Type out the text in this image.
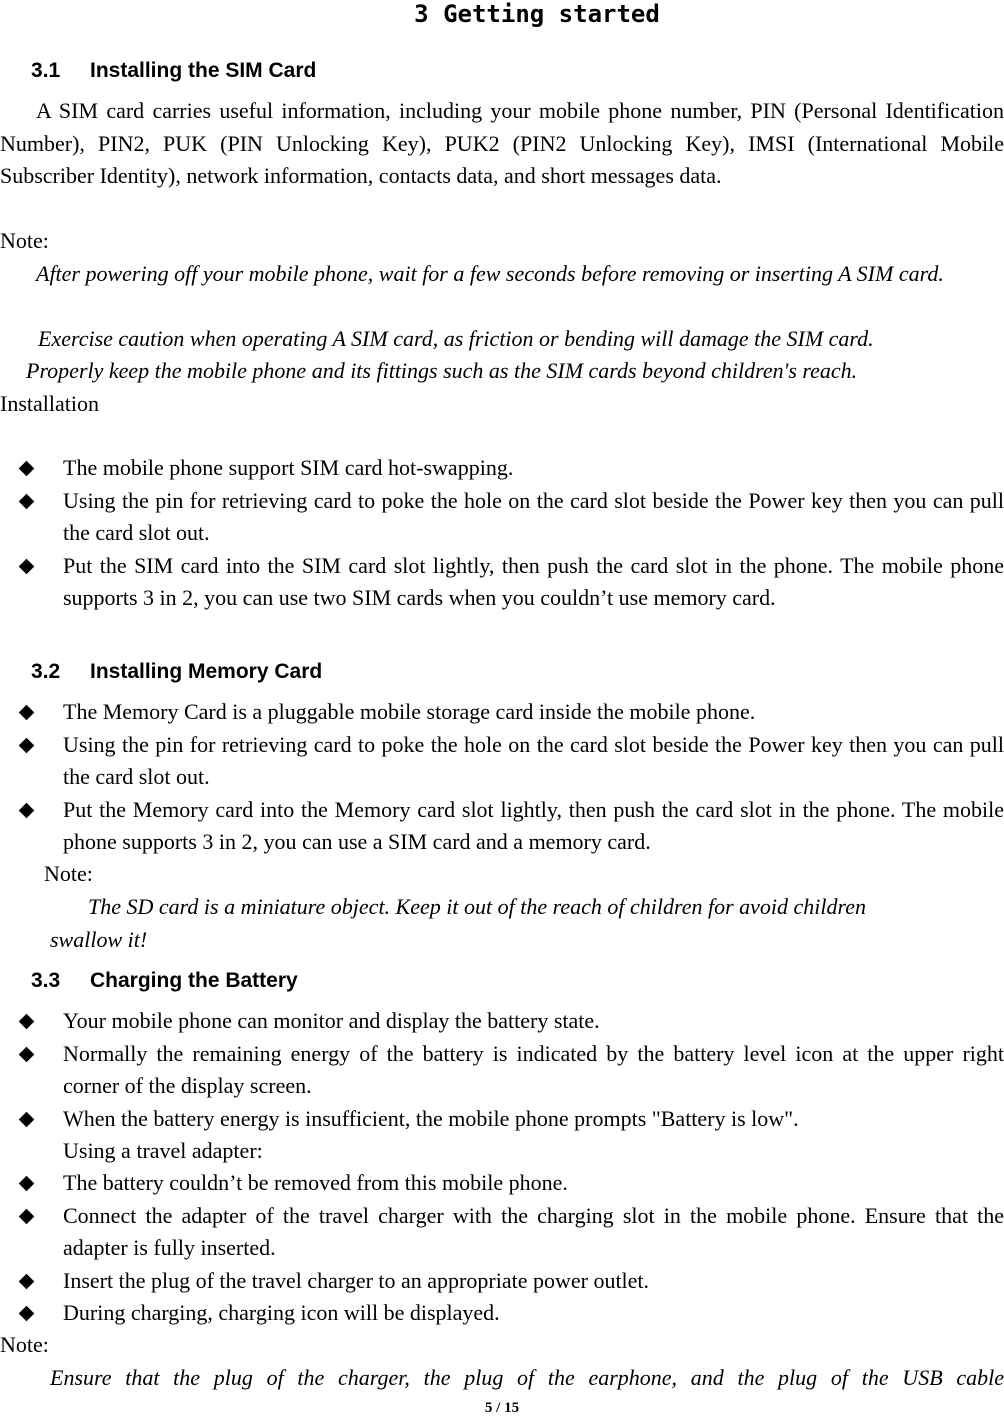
3 Getting started
3.1 Installing the SIM Card

A SIM card carries useful information, including your mobile phone number, PIN (Personal Identification Number), PIN2, PUK (PIN Unlocking Key), PUK2 (PIN2 Unlocking Key), IMSI (International Mobile Subscriber Identity), network information, contacts data, and short messages data.

Note:

After powering off your mobile phone, wait for a few seconds before removing or inserting A SIM card.

Exercise caution when operating A SIM card, as friction or bending will damage the SIM card.

Properly keep the mobile phone and its fittings such as the SIM cards beyond children's reach.

Installation

The mobile phone support SIM card hot-swapping.
Using the pin for retrieving card to poke the hole on the card slot beside the Power key then you can pull the card slot out.
Put the SIM card into the SIM card slot lightly, then push the card slot in the phone. The mobile phone supports 3 in 2, you can use two SIM cards when you couldn’t use memory card.
3.2 Installing Memory Card
The Memory Card is a pluggable mobile storage card inside the mobile phone.
Using the pin for retrieving card to poke the hole on the card slot beside the Power key then you can pull the card slot out.
Put the Memory card into the Memory card slot lightly, then push the card slot in the phone. The mobile phone supports 3 in 2, you can use a SIM card and a memory card.

Note:

The SD card is a miniature object. Keep it out of the reach of children for avoid children

swallow it!

3.3 Charging the Battery
Your mobile phone can monitor and display the battery state.
Normally the remaining energy of the battery is indicated by the battery level icon at the upper right corner of the display screen.
When the battery energy is insufficient, the mobile phone prompts "Battery is low".
Using a travel adapter:
The battery couldn’t be removed from this mobile phone.
Connect the adapter of the travel charger with the charging slot in the mobile phone. Ensure that the adapter is fully inserted.
Insert the plug of the travel charger to an appropriate power outlet.
During charging, charging icon will be displayed.

Note:

Ensure that the plug of the charger, the plug of the earphone, and the plug of the USB cable

5 / 15
